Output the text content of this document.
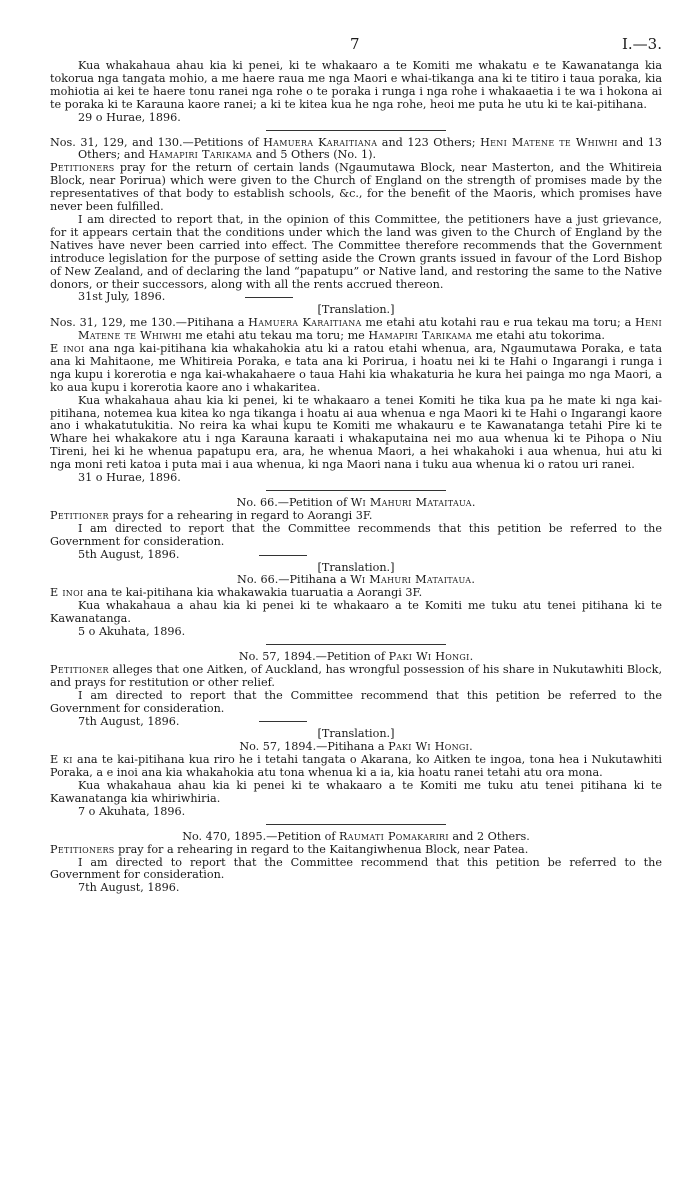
7	I.—3.

Kua whakahaua ahau kia ki penei, ki te whakaaro a te Komiti me whakatu e te Kawanatanga kia tokorua nga tangata mohio, a me haere raua me nga Maori e whai-tikanga ana ki te titiro i taua poraka, kia mohiotia ai kei te haere tonu ranei nga rohe o te poraka i runga i nga rohe i whakaaetia i te wa i hokona ai te poraka ki te Karauna kaore ranei; a ki te kitea kua he nga rohe, heoi me puta he utu ki te kai-pitihana.

29 o Hurae, 1896.

Nos. 31, 129, and 130.—Petitions of Hamuera Karaitiana and 123 Others; Heni Matene te Whiwhi and 13 Others; and Hamapiri Tarikama and 5 Others (No. 1).

Petitioners pray for the return of certain lands (Ngaumutawa Block, near Masterton, and the Whitireia Block, near Porirua) which were given to the Church of England on the strength of promises made by the representatives of that body to establish schools, &c., for the benefit of the Maoris, which promises have never been fulfilled.

I am directed to report that, in the opinion of this Committee, the petitioners have a just grievance, for it appears certain that the conditions under which the land was given to the Church of England by the Natives have never been carried into effect. The Committee therefore recommends that the Government introduce legislation for the purpose of setting aside the Crown grants issued in favour of the Lord Bishop of New Zealand, and of declaring the land “papatupu” or Native land, and restoring the same to the Native donors, or their successors, along with all the rents accrued thereon.

31st July, 1896.

[Translation.]

Nos. 31, 129, me 130.—Pitihana a Hamuera Karaitiana me etahi atu kotahi rau e rua tekau ma toru; a Heni Matene te Whiwhi me etahi atu tekau ma toru; me Hamapiri Tarikama me etahi atu tokorima.

E inoi ana nga kai-pitihana kia whakahokia atu ki a ratou etahi whenua, ara, Ngaumutawa Poraka, e tata ana ki Mahitaone, me Whitireia Poraka, e tata ana ki Porirua, i hoatu nei ki te Hahi o Ingarangi i runga i nga kupu i korerotia e nga kai-whakahaere o taua Hahi kia whakaturia he kura hei painga mo nga Maori, a ko aua kupu i korerotia kaore ano i whakaritea.

Kua whakahaua ahau kia ki penei, ki te whakaaro a tenei Komiti he tika kua pa he mate ki nga kai-pitihana, notemea kua kitea ko nga tikanga i hoatu ai aua whenua e nga Maori ki te Hahi o Ingarangi kaore ano i whakatutukitia. No reira ka whai kupu te Komiti me whakauru e te Kawanatanga tetahi Pire ki te Whare hei whakakore atu i nga Karauna karaati i whakaputaina nei mo aua whenua ki te Pihopa o Niu Tireni, hei ki he whenua papatupu era, ara, he whenua Maori, a hei whakahoki i aua whenua, hui atu ki nga moni reti katoa i puta mai i aua whenua, ki nga Maori nana i tuku aua whenua ki o ratou uri ranei.

31 o Hurae, 1896.

No. 66.—Petition of Wi Mahuri Mataitaua.

Petitioner prays for a rehearing in regard to Aorangi 3F.

I am directed to report that the Committee recommends that this petition be referred to the Government for consideration.

5th August, 1896.

[Translation.]

No. 66.—Pitihana a Wi Mahuri Mataitaua.

E inoi ana te kai-pitihana kia whakawakia tuaruatia a Aorangi 3F.

Kua whakahaua a ahau kia ki penei ki te whakaaro a te Komiti me tuku atu tenei pitihana ki te Kawanatanga.

5 o Akuhata, 1896.

No. 57, 1894.—Petition of Paki Wi Hongi.

Petitioner alleges that one Aitken, of Auckland, has wrongful possession of his share in Nukutawhiti Block, and prays for restitution or other relief.

I am directed to report that the Committee recommend that this petition be referred to the Government for consideration.

7th August, 1896.

[Translation.]

No. 57, 1894.—Pitihana a Paki Wi Hongi.

E ki ana te kai-pitihana kua riro he i tetahi tangata o Akarana, ko Aitken te ingoa, tona hea i Nukutawhiti Poraka, a e inoi ana kia whakahokia atu tona whenua ki a ia, kia hoatu ranei tetahi atu ora mona.

Kua whakahaua ahau kia ki penei ki te whakaaro a te Komiti me tuku atu tenei pitihana ki te Kawanatanga kia whiriwhiria.

7 o Akuhata, 1896.

No. 470, 1895.—Petition of Raumati Pomakariri and 2 Others.

Petitioners pray for a rehearing in regard to the Kaitangiwhenua Block, near Patea.

I am directed to report that the Committee recommend that this petition be referred to the Government for consideration.

7th August, 1896.
